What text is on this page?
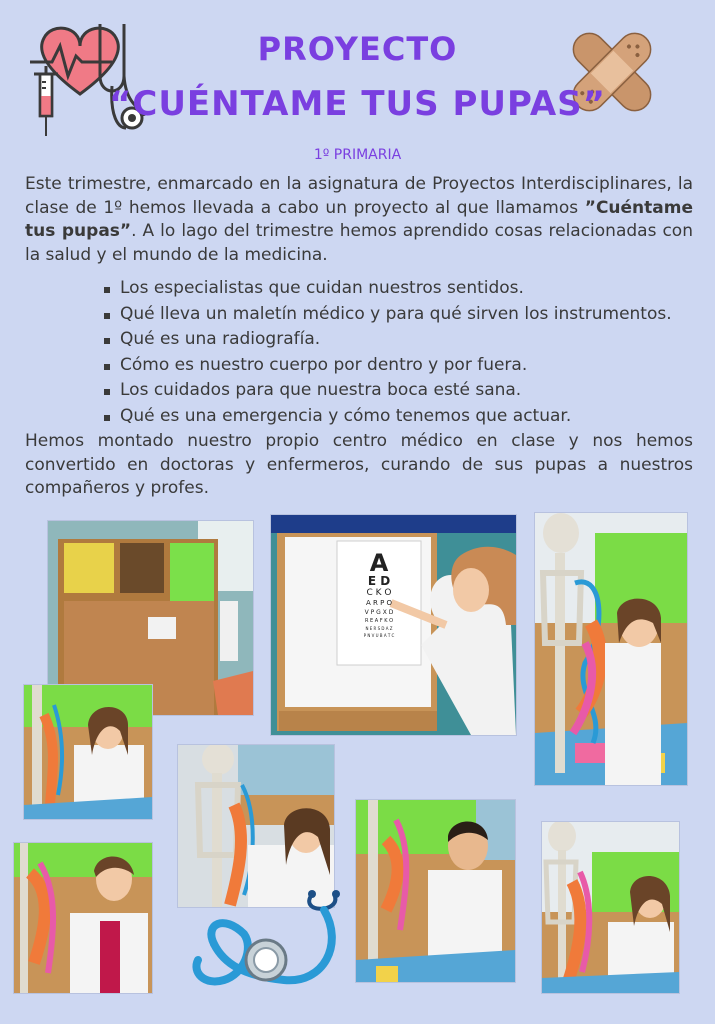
PROYECTO
“CUÉNTAME TUS PUPAS”
1º PRIMARIA

Este trimestre, enmarcado en la asignatura de Proyectos Interdisciplinares, la clase de 1º hemos llevada a cabo un proyecto al que llamamos ”Cuéntame tus pupas”. A lo lago del trimestre hemos aprendido cosas relacionadas con la salud y el mundo de la medicina.

Los especialistas que cuidan nuestros sentidos.
Qué lleva un maletín médico y para qué sirven los instrumentos.
Qué es una radiografía.
Cómo es nuestro cuerpo por dentro y por fuera.
Los cuidados para que nuestra boca esté sana.
Qué es una emergencia y cómo tenemos que actuar.

Hemos montado nuestro propio centro médico en clase y nos hemos convertido en doctoras y enfermeros, curando de sus pupas a nuestros compañeros y profes.

A
E D
C K O
A R P O
V P G X D
R E A F K O
N E R S D A Z
P N V U B A T C
